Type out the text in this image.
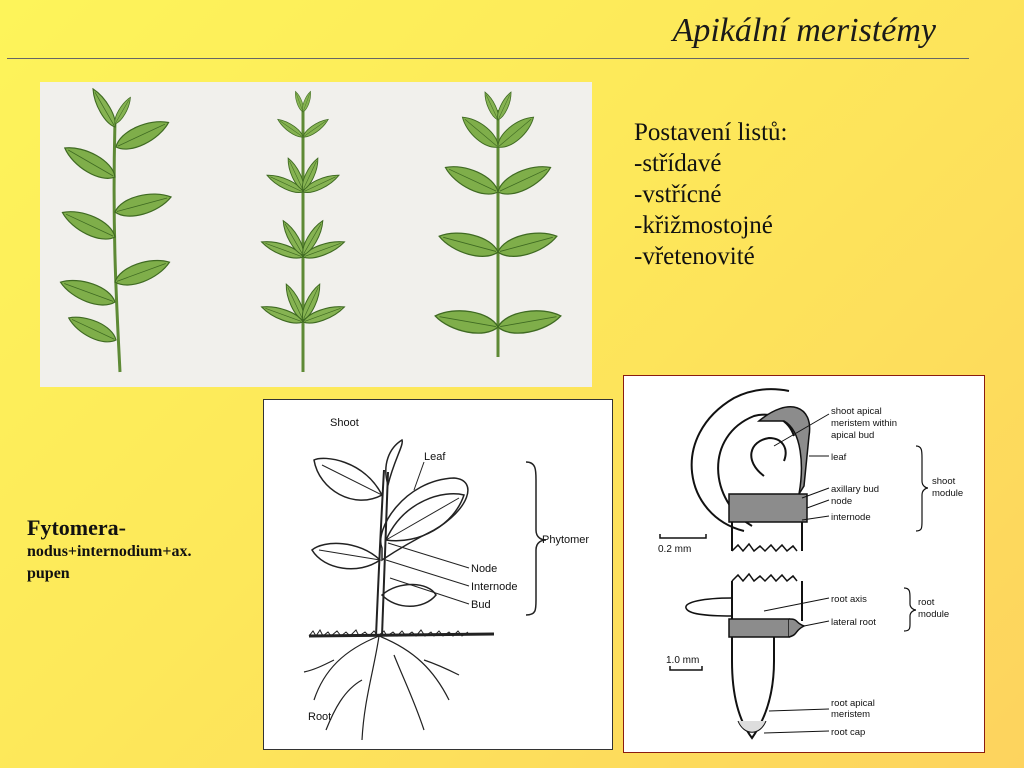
Apikální meristémy
Postavení listů:
-střídavé
-vstřícné
-křižmostojné
-vřetenovité
Fytomera-
nodus+internodium+ax.
pupen
Shoot
Leaf
Phytomer
Node
Internode
Bud
Root
0.2 mm
1.0 mm
shoot apical
meristem within
apical bud
leaf
axillary bud
node
internode
shoot
module
root axis
lateral root
root
module
root apical
meristem
root cap
